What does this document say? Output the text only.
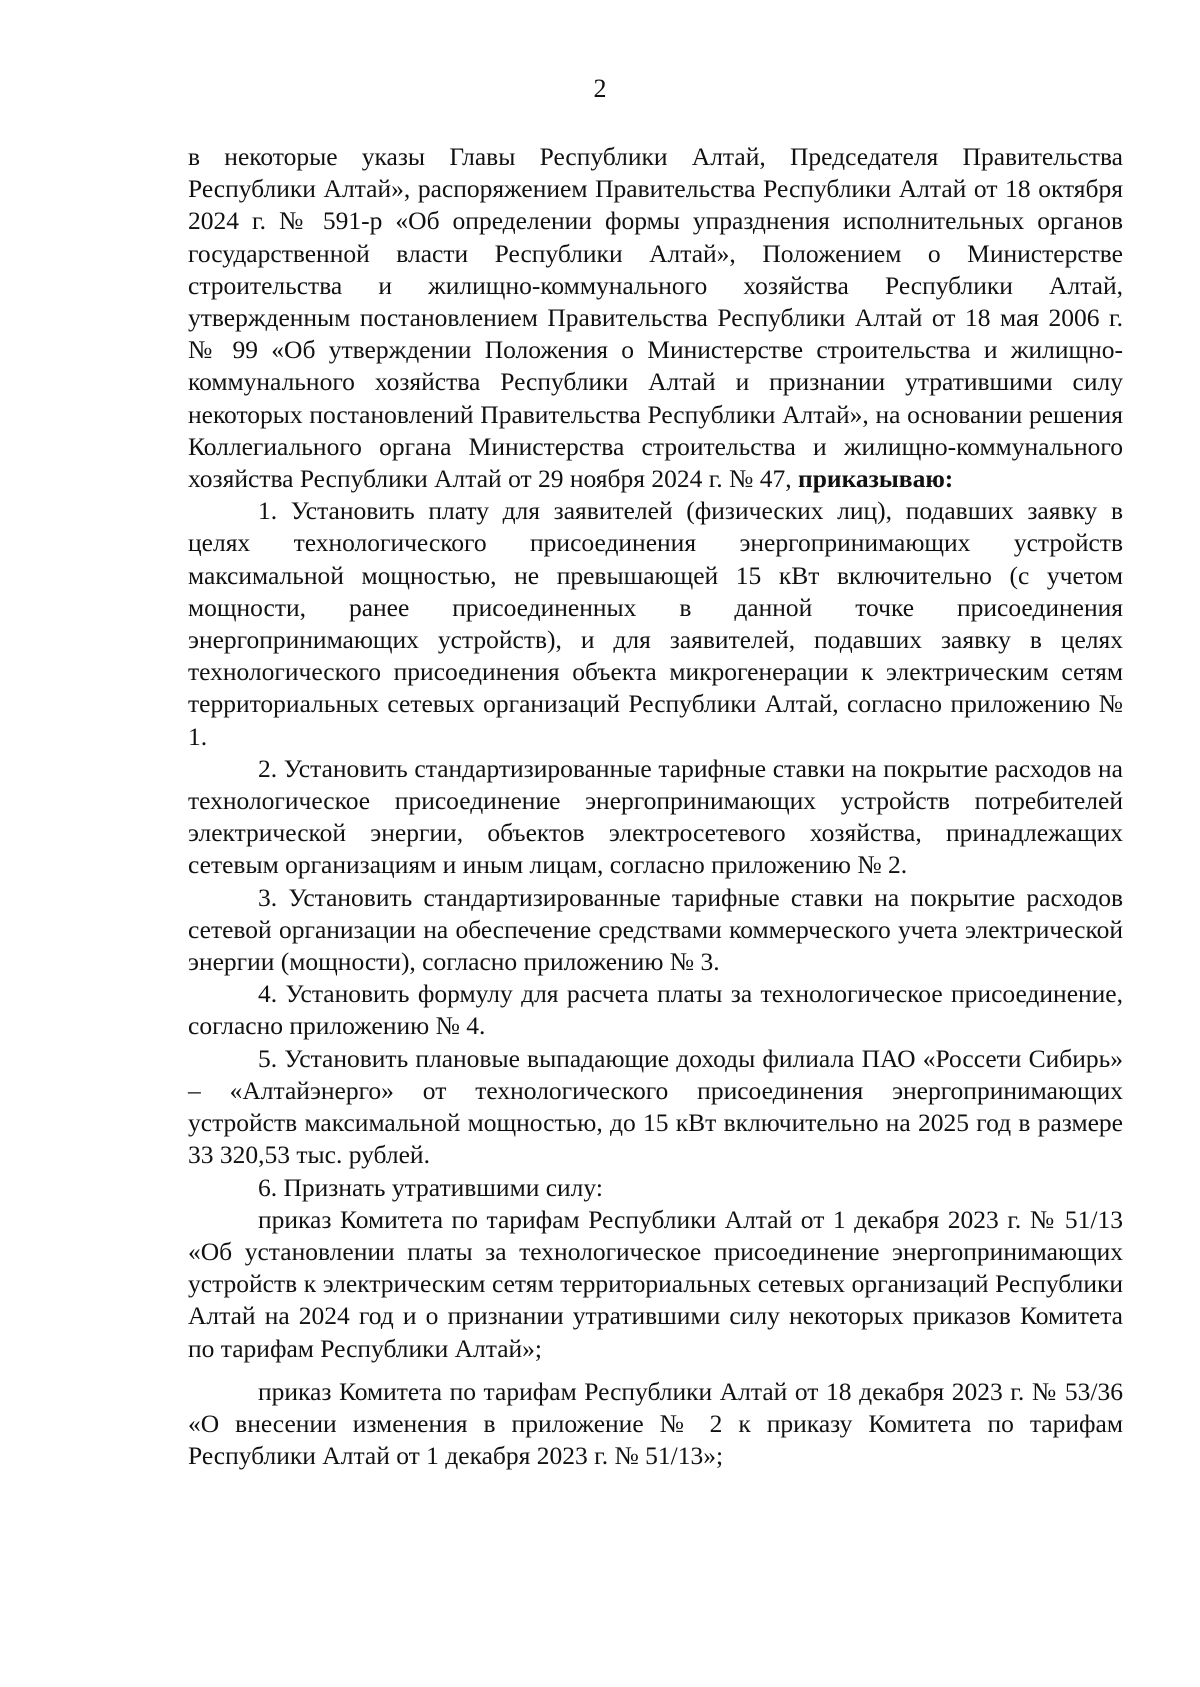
2

в некоторые указы Главы Республики Алтай, Председателя Правительства Республики Алтай», распоряжением Правительства Республики Алтай от 18 октября 2024 г. № 591-р «Об определении формы упразднения исполнительных органов государственной власти Республики Алтай», Положением о Министерстве строительства и жилищно-коммунального хозяйства Республики Алтай, утвержденным постановлением Правительства Республики Алтай от 18 мая 2006 г. № 99 «Об утверждении Положения о Министерстве строительства и жилищно-коммунального хозяйства Республики Алтай и признании утратившими силу некоторых постановлений Правительства Республики Алтай», на основании решения Коллегиального органа Министерства строительства и жилищно-коммунального хозяйства Республики Алтай от 29 ноября 2024 г. № 47, приказываю:

1. Установить плату для заявителей (физических лиц), подавших заявку в целях технологического присоединения энергопринимающих устройств максимальной мощностью, не превышающей 15 кВт включительно (с учетом мощности, ранее присоединенных в данной точке присоединения энергопринимающих устройств), и для заявителей, подавших заявку в целях технологического присоединения объекта микрогенерации к электрическим сетям территориальных сетевых организаций Республики Алтай, согласно приложению № 1.

2. Установить стандартизированные тарифные ставки на покрытие расходов на технологическое присоединение энергопринимающих устройств потребителей электрической энергии, объектов электросетевого хозяйства, принадлежащих сетевым организациям и иным лицам, согласно приложению № 2.

3. Установить стандартизированные тарифные ставки на покрытие расходов сетевой организации на обеспечение средствами коммерческого учета электрической энергии (мощности), согласно приложению № 3.

4. Установить формулу для расчета платы за технологическое присоединение, согласно приложению № 4.

5. Установить плановые выпадающие доходы филиала ПАО «Россети Сибирь» – «Алтайэнерго» от технологического присоединения энергопринимающих устройств максимальной мощностью, до 15 кВт включительно на 2025 год в размере 33 320,53 тыс. рублей.

6. Признать утратившими силу:

приказ Комитета по тарифам Республики Алтай от 1 декабря 2023 г. № 51/13 «Об установлении платы за технологическое присоединение энергопринимающих устройств к электрическим сетям территориальных сетевых организаций Республики Алтай на 2024 год и о признании утратившими силу некоторых приказов Комитета по тарифам Республики Алтай»;

приказ Комитета по тарифам Республики Алтай от 18 декабря 2023 г. № 53/36 «О внесении изменения в приложение № 2 к приказу Комитета по тарифам Республики Алтай от 1 декабря 2023 г. № 51/13»;
